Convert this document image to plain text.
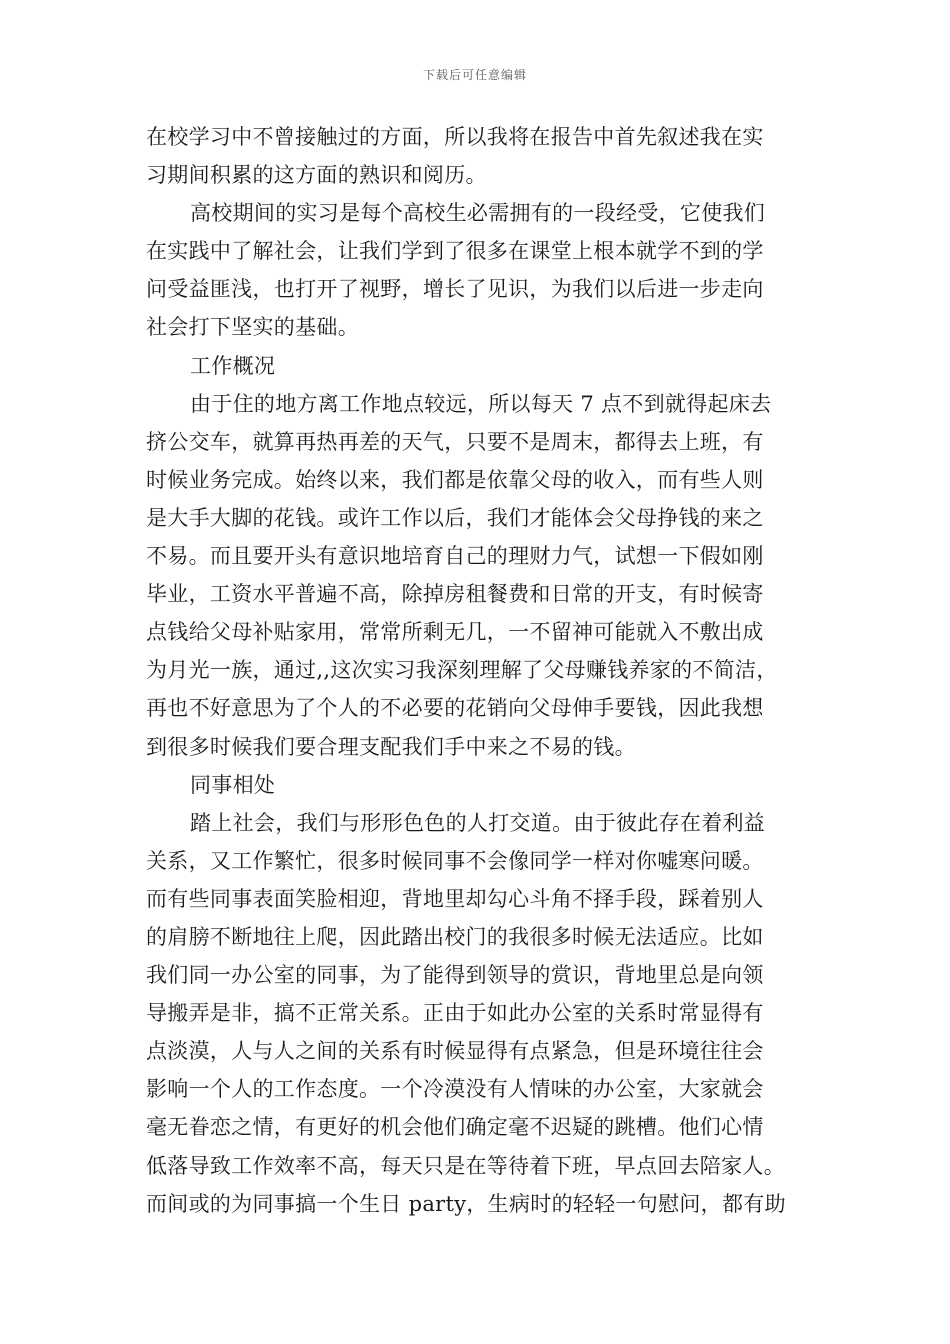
下载后可任意编辑
在校学习中不曾接触过的方面，所以我将在报告中首先叙述我在实
习期间积累的这方面的熟识和阅历。
高校期间的实习是每个高校生必需拥有的一段经受，它使我们
在实践中了解社会，让我们学到了很多在课堂上根本就学不到的学
问受益匪浅，也打开了视野，增长了见识，为我们以后进一步走向
社会打下坚实的基础。
工作概况
由于住的地方离工作地点较远，所以每天 7 点不到就得起床去
挤公交车，就算再热再差的天气，只要不是周末，都得去上班，有
时候业务完成。始终以来，我们都是依靠父母的收入，而有些人则
是大手大脚的花钱。或许工作以后，我们才能体会父母挣钱的来之
不易。而且要开头有意识地培育自己的理财力气，试想一下假如刚
毕业，工资水平普遍不高，除掉房租餐费和日常的开支，有时候寄
点钱给父母补贴家用，常常所剩无几，一不留神可能就入不敷出成
为月光一族，通过,,这次实习我深刻理解了父母赚钱养家的不简洁，
再也不好意思为了个人的不必要的花销向父母伸手要钱，因此我想
到很多时候我们要合理支配我们手中来之不易的钱。
同事相处
踏上社会，我们与形形色色的人打交道。由于彼此存在着利益
关系，又工作繁忙，很多时候同事不会像同学一样对你嘘寒问暖。
而有些同事表面笑脸相迎，背地里却勾心斗角不择手段，踩着别人
的肩膀不断地往上爬，因此踏出校门的我很多时候无法适应。比如
我们同一办公室的同事，为了能得到领导的赏识，背地里总是向领
导搬弄是非，搞不正常关系。正由于如此办公室的关系时常显得有
点淡漠，人与人之间的关系有时候显得有点紧急，但是环境往往会
影响一个人的工作态度。一个冷漠没有人情味的办公室，大家就会
毫无眷恋之情，有更好的机会他们确定毫不迟疑的跳槽。他们心情
低落导致工作效率不高，每天只是在等待着下班，早点回去陪家人。
而间或的为同事搞一个生日 party，生病时的轻轻一句慰问，都有助
